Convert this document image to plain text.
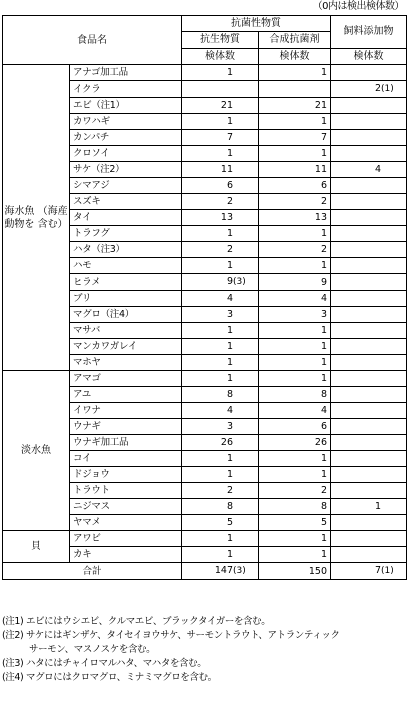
（0内は検出検体数）
食品名		抗菌性物質		飼料添加物
		抗生物質	合成抗菌剤	
		検体数	検体数	検体数
海水魚 （海産動物を 含む）	アナゴ加工品	1	1	
	イクラ			2(1)
	エビ（注1）	21	21	
	カワハギ	1	1	
	カンパチ	7	7	
	クロソイ	1	1	
	サケ（注2）	11	11	4
	シマアジ	6	6	
	スズキ	2	2	
	タイ	13	13	
	トラフグ	1	1	
	ハタ（注3）	2	2	
	ハモ	1	1	
	ヒラメ	9(3)	9	
	ブリ	4	4	
	マグロ（注4）	3	3	
	マサバ	1	1	
	マンカワガレイ	1	1	
	マホヤ	1	1	
淡水魚	アマゴ	1	1	
	アユ	8	8	
	イワナ	4	4	
	ウナギ	3	6	
	ウナギ加工品	26	26	
	コイ	1	1	
	ドジョウ	1	1	
	トラウト	2	2	
	ニジマス	8	8	1
	ヤマメ	5	5	
貝	アワビ	1	1	
	カキ	1	1	
合計		147(3)	150	7(1)
(注1) エビにはウシエビ、クルマエビ、ブラックタイガーを含む。
(注2) サケにはギンザケ、タイセイヨウサケ、サーモントラウト、アトランティック
サーモン、マスノスケを含む。
(注3) ハタにはチャイロマルハタ、マハタを含む。
(注4) マグロにはクロマグロ、ミナミマグロを含む。
